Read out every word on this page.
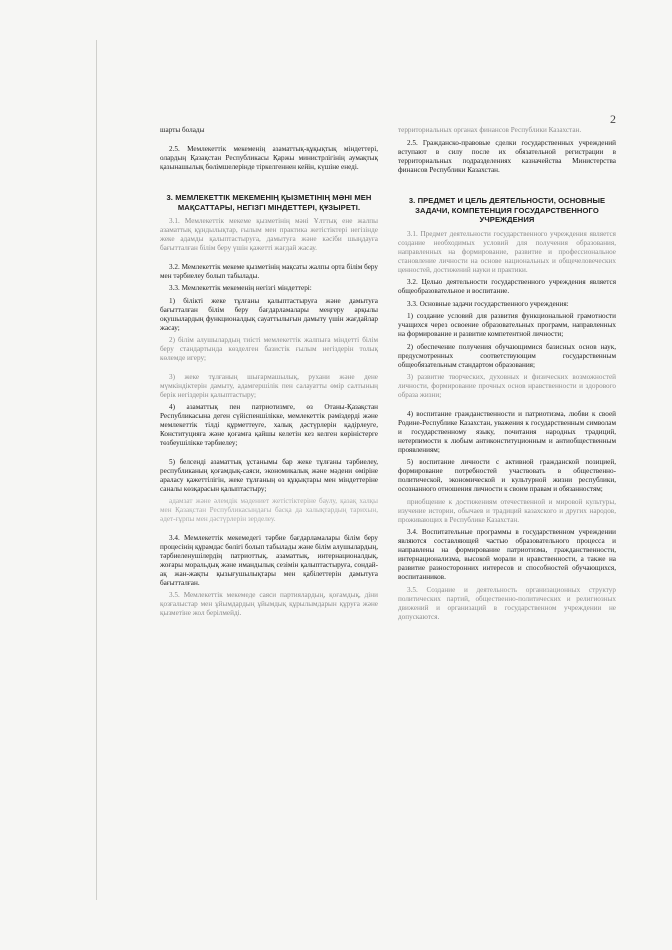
2

шарты болады

2.5. Мемлекеттік мекеменің азаматтық-құқықтық міндеттері, олардың Қазақстан Республикасы Қаржы министрлігінің аумақтық қазынашылық бөлімшелерінде тіркелгеннен кейін, күшіне енеді.

3. МЕМЛЕКЕТТІК МЕКЕМЕНІҢ ҚЫЗМЕТІНІҢ МӘНІ МЕН МАҚСАТТАРЫ, НЕГІЗГІ МІНДЕТТЕРІ, ҚҰЗЫРЕТІ.

3.1. Мемлекеттік мекеме қызметінің мәні Ұлттық ене жалпы азаматтық құндылықтар, ғылым мен практика жетістіктері негізінде жеке адамды қалыптастыруға, дамытуға және кәсіби шыңдауға бағытталған білім беру үшін қажетті жағдай жасау.

3.2. Мемлекеттік мекеме қызметінің мақсаты жалпы орта білім беру мен тәрбиелеу болып табылады.

3.3. Мемлекеттік мекеменің негізгі міндеттері:

1) білікті жеке тұлғаны қалыптастыруға және дамытуға бағытталған білім беру бағдарламалары меңгеру арқылы оқушылардың функционалдық сауаттылығын дамыту үшін жағдайлар жасау;

2) білім алушылардың тиісті мемлекеттік жалпыға міндетті білім беру стандартында көзделген базистік ғылым негіздерін толық көлемде игеру;

3) жеке тұлғаның шығармашылық, рухани және дене мүмкіндіктерін дамыту, адамгершілік пен салауатты өмір салтының берік негіздерін қалыптастыру;

4) азаматтық пен патриотизмге, өз Отаны-Қазақстан Республикасына деген сүйіспеншілікке, мемлекеттік рәміздерді және мемлекеттік тілді құрметтеуге, халық дәстүрлерін қадірлеуге, Конституцияға және қоғамға қайшы келетін кез келген көріністерге төзбеушілікке тәрбиелеу;

5) белсенді азаматтық ұстанымы бар жеке тұлғаны тәрбиелеу, республиканың қоғамдық-саяси, экономикалық және мәдени өміріне араласу қажеттілігін, жеке тұлғаның өз құқықтары мен міндеттеріне саналы көзқарасын қалыптастыру;

адамзат және әлемдік мәдениет жетістіктеріне баулу, қазақ халқы мен Қазақстан Республикасындағы басқа да халықтардың тарихын, әдет-ғұрпы мен дәстүрлерін зерделеу.

3.4. Мемлекеттік мекемедегі тәрбие бағдарламалары білім беру процесінің құрамдас бөлігі болып табылады және білім алушылардың, тәрбиеленушілердің патриоттық, азаматтық, интернационалдық, жоғары моральдық және имандылық сезімін қалыптастыруға, сондай-ақ жан-жақты қызығушылықтары мен қабілеттерін дамытуға бағытталған.

3.5. Мемлекеттік мекемеде саяси партиялардың, қоғамдық, діни қозғалыстар мен ұйымдардың ұйымдық құрылымдарын құруға және қызметіне жол берілмейді.

территориальных органах финансов Республики Казахстан.

2.5. Гражданско-правовые сделки государственных учреждений вступают в силу после их обязательной регистрации в территориальных подразделениях казначейства Министерства финансов Республики Казахстан.

3. ПРЕДМЕТ И ЦЕЛЬ ДЕЯТЕЛЬНОСТИ, ОСНОВНЫЕ ЗАДАЧИ, КОМПЕТЕНЦИЯ ГОСУДАРСТВЕННОГО УЧРЕЖДЕНИЯ

3.1. Предмет деятельности государственного учреждения является создание необходимых условий для получения образования, направленных на формирование, развитие и профессиональное становление личности на основе национальных и общечеловеческих ценностей, достижений науки и практики.

3.2. Целью деятельности государственного учреждения является общеобразовательное и воспитание.

3.3. Основные задачи государственного учреждения:

1) создание условий для развития функциональной грамотности учащихся через освоение образовательных программ, направленных на формирование и развитие компетентной личности;

2) обеспечение получения обучающимися базисных основ наук, предусмотренных соответствующим государственным общеобязательным стандартом образования;

3) развитие творческих, духовных и физических возможностей личности, формирование прочных основ нравственности и здорового образа жизни;

4) воспитание гражданственности и патриотизма, любви к своей Родине-Республике Казахстан, уважения к государственным символам и государственному языку, почитания народных традиций, нетерпимости к любым антиконституционным и антиобщественным проявлениям;

5) воспитание личности с активной гражданской позицией, формирование потребностей участвовать в общественно-политической, экономической и культурной жизни республики, осознанного отношения личности к своим правам и обязанностям;

приобщение к достижениям отечественной и мировой культуры, изучение истории, обычаев и традиций казахского и других народов, проживающих в Республике Казахстан.

3.4. Воспитательные программы в государственном учреждении являются составляющей частью образовательного процесса и направлены на формирование патриотизма, гражданственности, интернационализма, высокой морали и нравственности, а также на развитие разносторонних интересов и способностей обучающихся, воспитанников.

3.5. Создание и деятельность организационных структур политических партий, общественно-политических и религиозных движений и организаций в государственном учреждении не допускаются.
